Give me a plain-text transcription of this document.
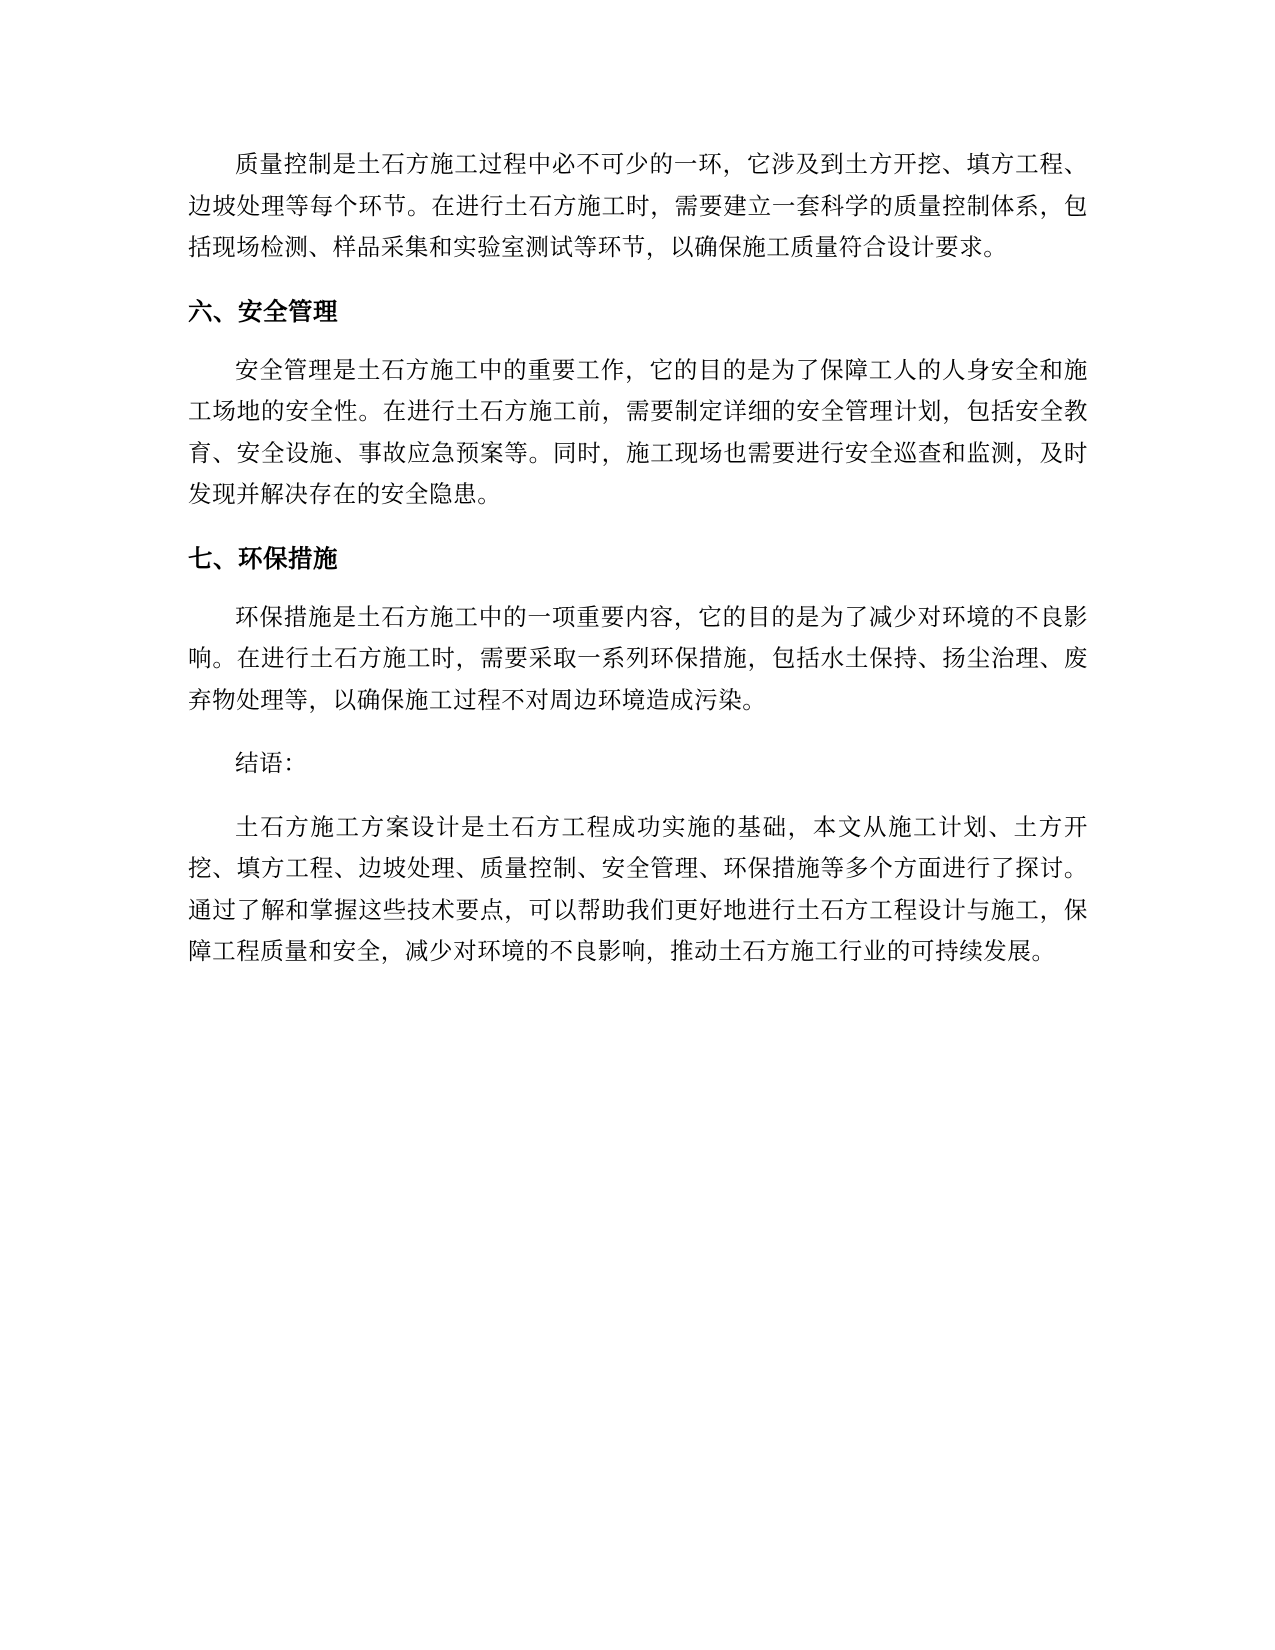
质量控制是土石方施工过程中必不可少的一环，它涉及到土方开挖、填方工程、边坡处理等每个环节。在进行土石方施工时，需要建立一套科学的质量控制体系，包括现场检测、样品采集和实验室测试等环节，以确保施工质量符合设计要求。

六、安全管理

安全管理是土石方施工中的重要工作，它的目的是为了保障工人的人身安全和施工场地的安全性。在进行土石方施工前，需要制定详细的安全管理计划，包括安全教育、安全设施、事故应急预案等。同时，施工现场也需要进行安全巡查和监测，及时发现并解决存在的安全隐患。

七、环保措施

环保措施是土石方施工中的一项重要内容，它的目的是为了减少对环境的不良影响。在进行土石方施工时，需要采取一系列环保措施，包括水土保持、扬尘治理、废弃物处理等，以确保施工过程不对周边环境造成污染。

结语：

土石方施工方案设计是土石方工程成功实施的基础，本文从施工计划、土方开挖、填方工程、边坡处理、质量控制、安全管理、环保措施等多个方面进行了探讨。通过了解和掌握这些技术要点，可以帮助我们更好地进行土石方工程设计与施工，保障工程质量和安全，减少对环境的不良影响，推动土石方施工行业的可持续发展。
